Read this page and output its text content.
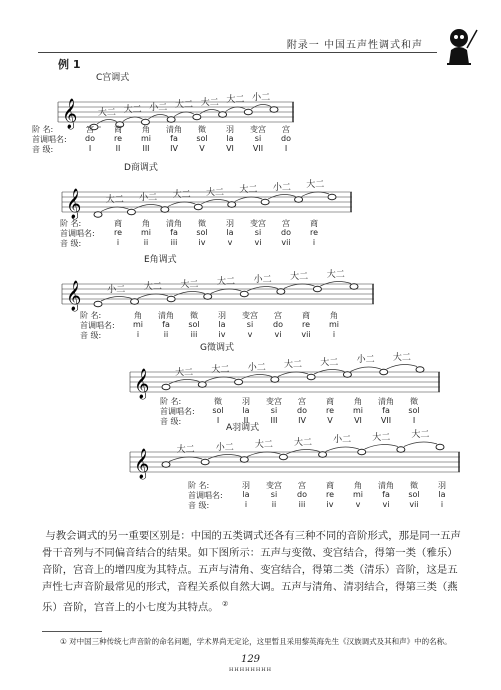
附录一 中国五声性调式和声
例 1
C宫调式
𝄞 大二 大二 小二 大二 大二 大二 小二
阶 名:	宫	商	角	清角	徵	羽	变宫	宫
首调唱名:	do	re	mi	fa	sol	la	si	do
音 级:	I	II	III	IV	V	VI	VII	I
D商调式
𝄞	大二 小二 大二 大二 大二 小二 大二
阶 名:	商	角	清角	徵	羽	变宫	宫	商
首调唱名:	re	mi	fa	sol	la	si	do	re
音 级:	i	ii	iii	iv	v	vi	vii	i
E角调式
𝄞	小二 大二 大二 大二 小二 大二 大二
阶 名:	角	清角	徵	羽	变宫	宫	商	角
首调唱名:	mi	fa	sol	la	si	do	re	mi
音 级:	i	ii	iii	iv	v	vi	vii	i
G徵调式
𝄞	大二 大二 小二 大二 大二 小二 大二
阶 名:	徵	羽	变宫	宫	商	角	清角	徵
首调唱名:	sol	la	si	do	re	mi	fa	sol
音 级:	I	II	III	IV	V	VI	VII	I
A羽调式
𝄞	大二 小二 大二 大二 小二 大二 大二
阶 名:	羽	变宫	宫	商	角	清角	徵	羽
首调唱名:	la	si	do	re	mi	fa	sol	la
音 级:	i	ii	iii	iv	v	vi	vii	i

与教会调式的另一重要区别是：中国的五类调式还各有三种不同的音阶形式，那是同一五声骨干音列与不同偏音结合的结果。如下图所示：五声与变徵、变宫结合，得第一类（雅乐）音阶，宫音上的增四度为其特点。五声与清角、变宫结合，得第二类（清乐）音阶，这是五声性七声音阶最常见的形式，音程关系似自然大调。五声与清角、清羽结合，得第三类（燕乐）音阶，宫音上的小七度为其特点。 ②

① 对中国三种传统七声音阶的命名问题，学术界尚无定论，这里暂且采用黎英海先生《汉族调式及其和声》中的名称。
129
HHHHHHHH
